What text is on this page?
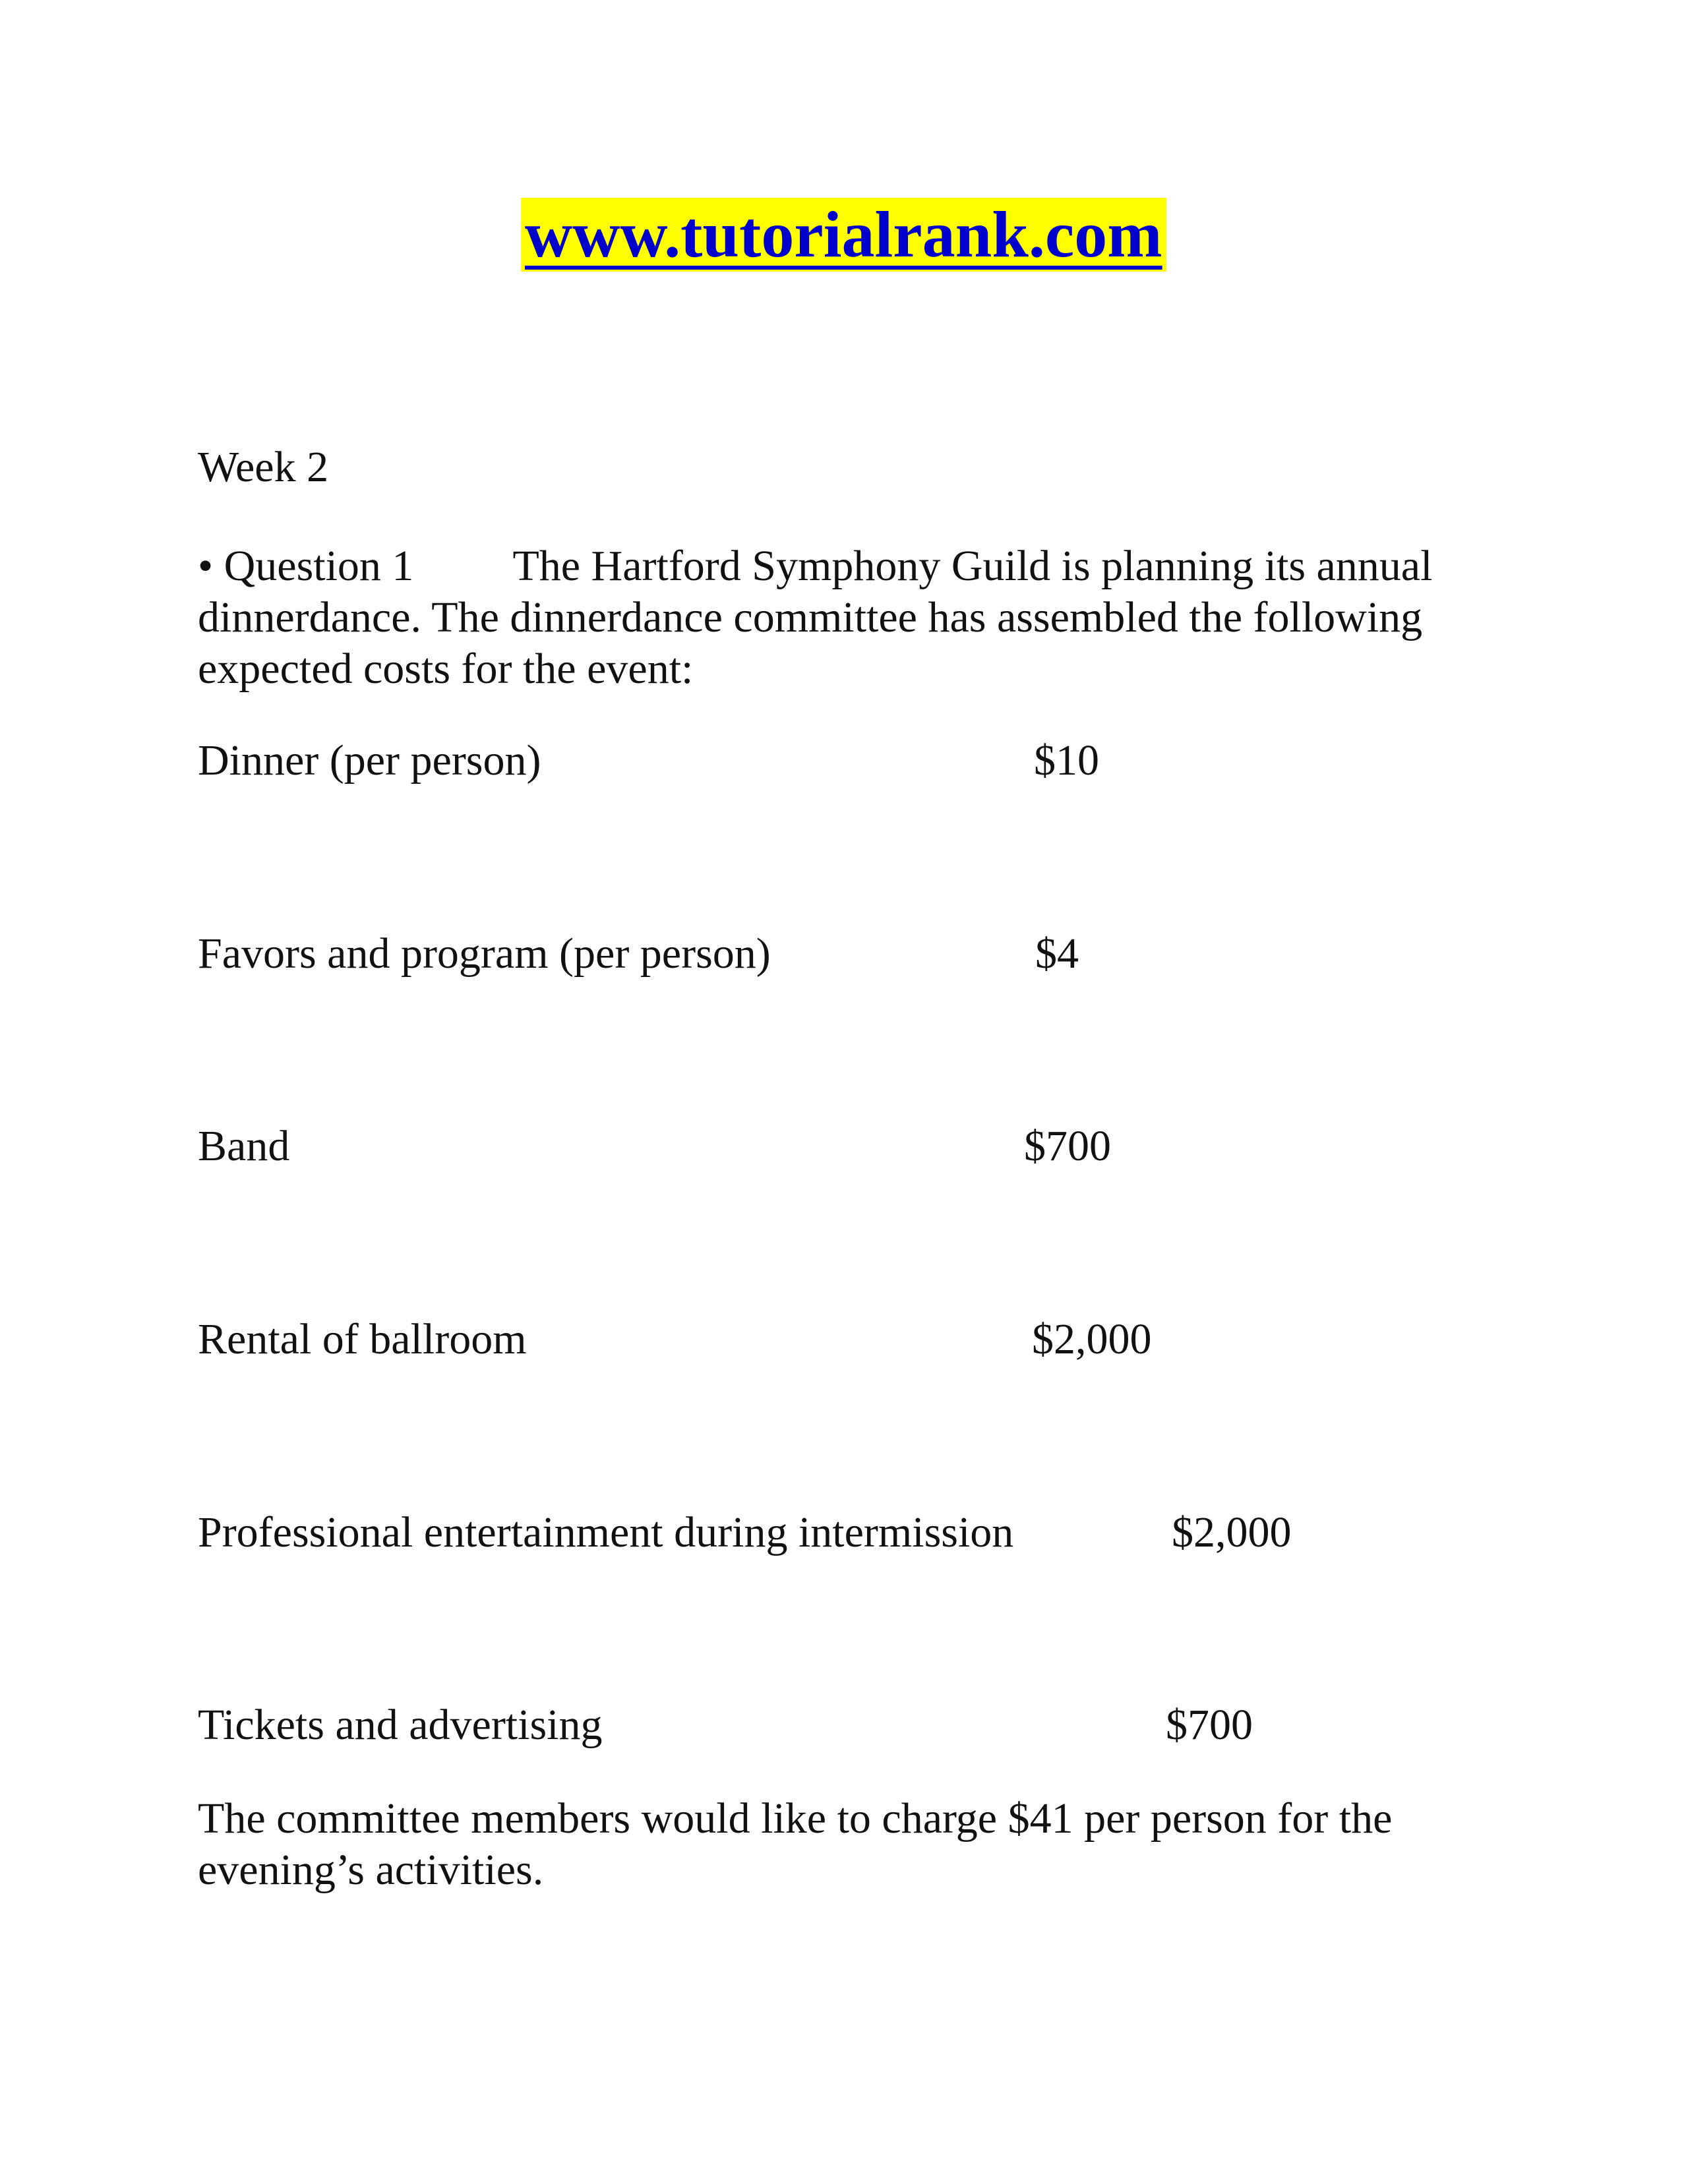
www.tutorialrank.com
Week 2
• Question 1 The Hartford Symphony Guild is planning its annual
dinnerdance. The dinnerdance committee has assembled the following
expected costs for the event:
Dinner (per person)	$10
Favors and program (per person)	$4
Band	$700
Rental of ballroom	$2,000
Professional entertainment during intermission	$2,000
Tickets and advertising	$700
The committee members would like to charge $41 per person for the
evening’s activities.
